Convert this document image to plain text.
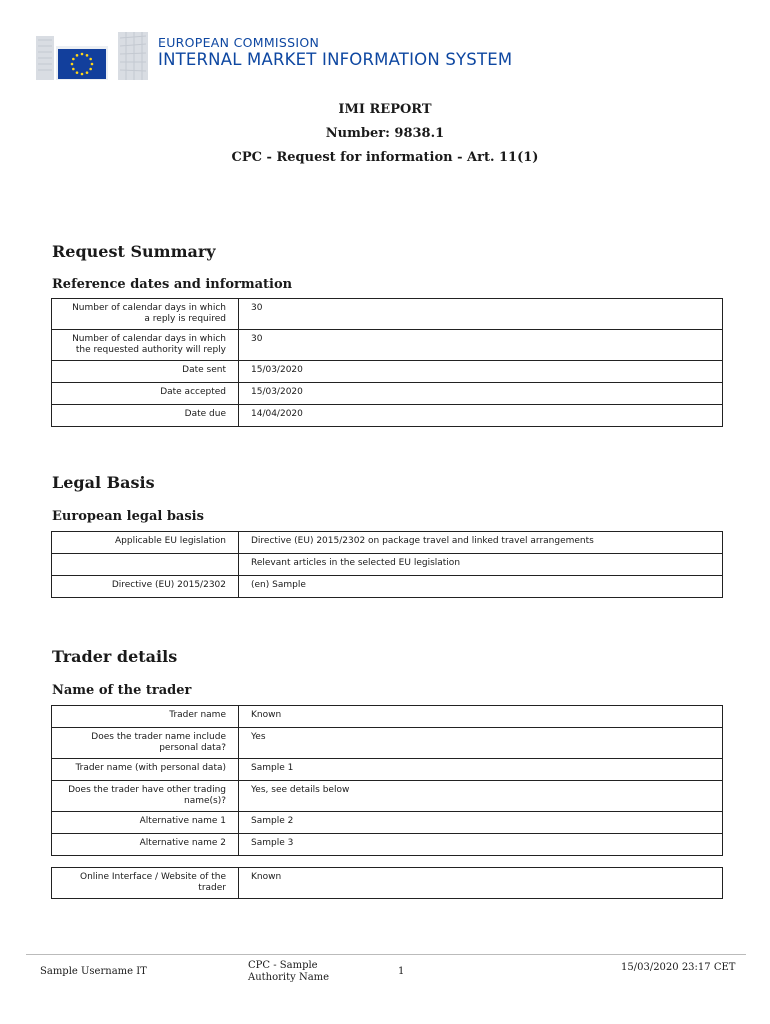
EUROPEAN COMMISSION
INTERNAL MARKET INFORMATION SYSTEM
IMI REPORT
Number: 9838.1
CPC - Request for information - Art. 11(1)
Request Summary
Reference dates and information
Number of calendar days in which a reply is required	30
Number of calendar days in which the requested authority will reply	30
Date sent	15/03/2020
Date accepted	15/03/2020
Date due	14/04/2020
Legal Basis
European legal basis
Applicable EU legislation	Directive (EU) 2015/2302 on package travel and linked travel arrangements
	Relevant articles in the selected EU legislation
Directive (EU) 2015/2302	(en) Sample
Trader details
Name of the trader
Trader name	Known
Does the trader name include personal data?	Yes
Trader name (with personal data)	Sample 1
Does the trader have other trading name(s)?	Yes, see details below
Alternative name 1	Sample 2
Alternative name 2	Sample 3
Online Interface / Website of the trader	Known
Sample Username IT
CPC - Sample
Authority Name
1	15/03/2020 23:17 CET
